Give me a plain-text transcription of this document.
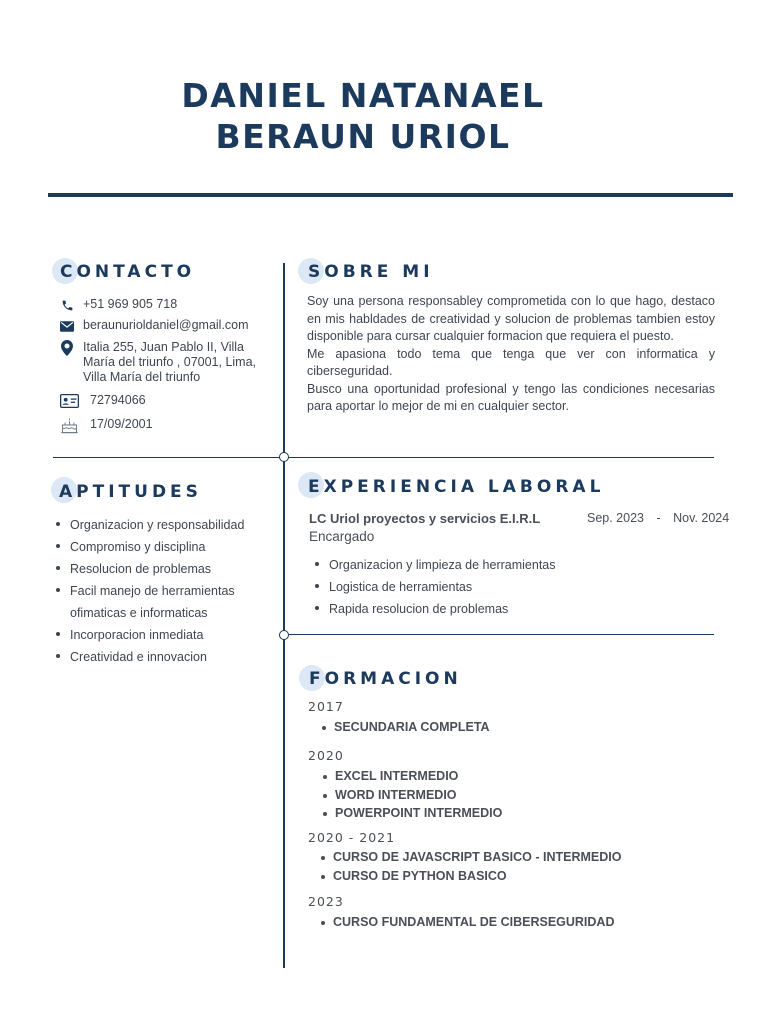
DANIEL NATANAEL
BERAUN URIOL
CONTACTO
+51 969 905 718
beraunurioldaniel@gmail.com
Italia 255, Juan Pablo II, Villa
María del triunfo , 07001, Lima,
Villa María del triunfo
72794066
17/09/2001
SOBRE MI

Soy una persona responsabley comprometida con lo que hago, destaco en mis habldades de creatividad y solucion de problemas tambien estoy disponible para cursar cualquier formacion que requiera el puesto.

Me apasiona todo tema que tenga que ver con informatica y ciberseguridad.

Busco una oportunidad profesional y tengo las condiciones necesarias para aportar lo mejor de mi en cualquier sector.

APTITUDES
Organizacion y responsabilidad
Compromiso y disciplina
Resolucion de problemas
Facil manejo de herramientas
ofimaticas e informaticas
Incorporacion inmediata
Creatividad e innovacion
EXPERIENCIA LABORAL
LC Uriol proyectos y servicios E.I.R.L
Encargado
Sep. 2023 - Nov. 2024
Organizacion y limpieza de herramientas
Logistica de herramientas
Rapida resolucion de problemas
FORMACION
2017
SECUNDARIA COMPLETA
2020
EXCEL INTERMEDIO
WORD INTERMEDIO
POWERPOINT INTERMEDIO
2020 - 2021
CURSO DE JAVASCRIPT BASICO - INTERMEDIO
CURSO DE PYTHON BASICO
2023
CURSO FUNDAMENTAL DE CIBERSEGURIDAD
